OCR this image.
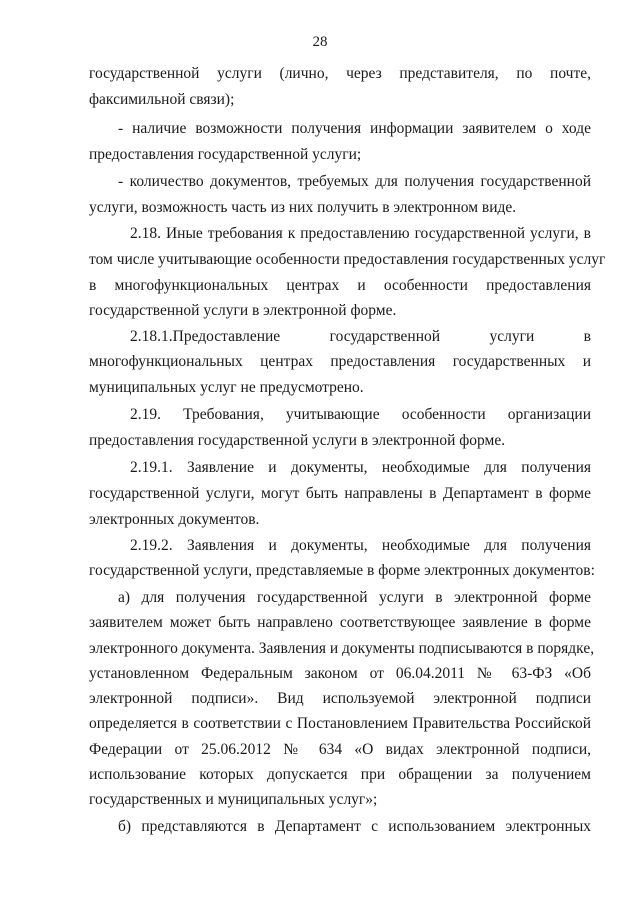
28
государственной услуги (лично, через представителя, по почте,
факсимильной связи);
- наличие возможности получения информации заявителем о ходе
предоставления государственной услуги;
- количество документов, требуемых для получения государственной
услуги, возможность часть из них получить в электронном виде.
2.18. Иные требования к предоставлению государственной услуги, в
том числе учитывающие особенности предоставления государственных услуг
в многофункциональных центрах и особенности предоставления
государственной услуги в электронной форме.
2.18.1.Предоставление государственной услуги в
многофункциональных центрах предоставления государственных и
муниципальных услуг не предусмотрено.
2.19. Требования, учитывающие особенности организации
предоставления государственной услуги в электронной форме.
2.19.1. Заявление и документы, необходимые для получения
государственной услуги, могут быть направлены в Департамент в форме
электронных документов.
2.19.2. Заявления и документы, необходимые для получения
государственной услуги, представляемые в форме электронных документов:
а) для получения государственной услуги в электронной форме
заявителем может быть направлено соответствующее заявление в форме
электронного документа. Заявления и документы подписываются в порядке,
установленном Федеральным законом от 06.04.2011 № 63-ФЗ «Об
электронной подписи». Вид используемой электронной подписи
определяется в соответствии с Постановлением Правительства Российской
Федерации от 25.06.2012 № 634 «О видах электронной подписи,
использование которых допускается при обращении за получением
государственных и муниципальных услуг»;
б) представляются в Департамент с использованием электронных
